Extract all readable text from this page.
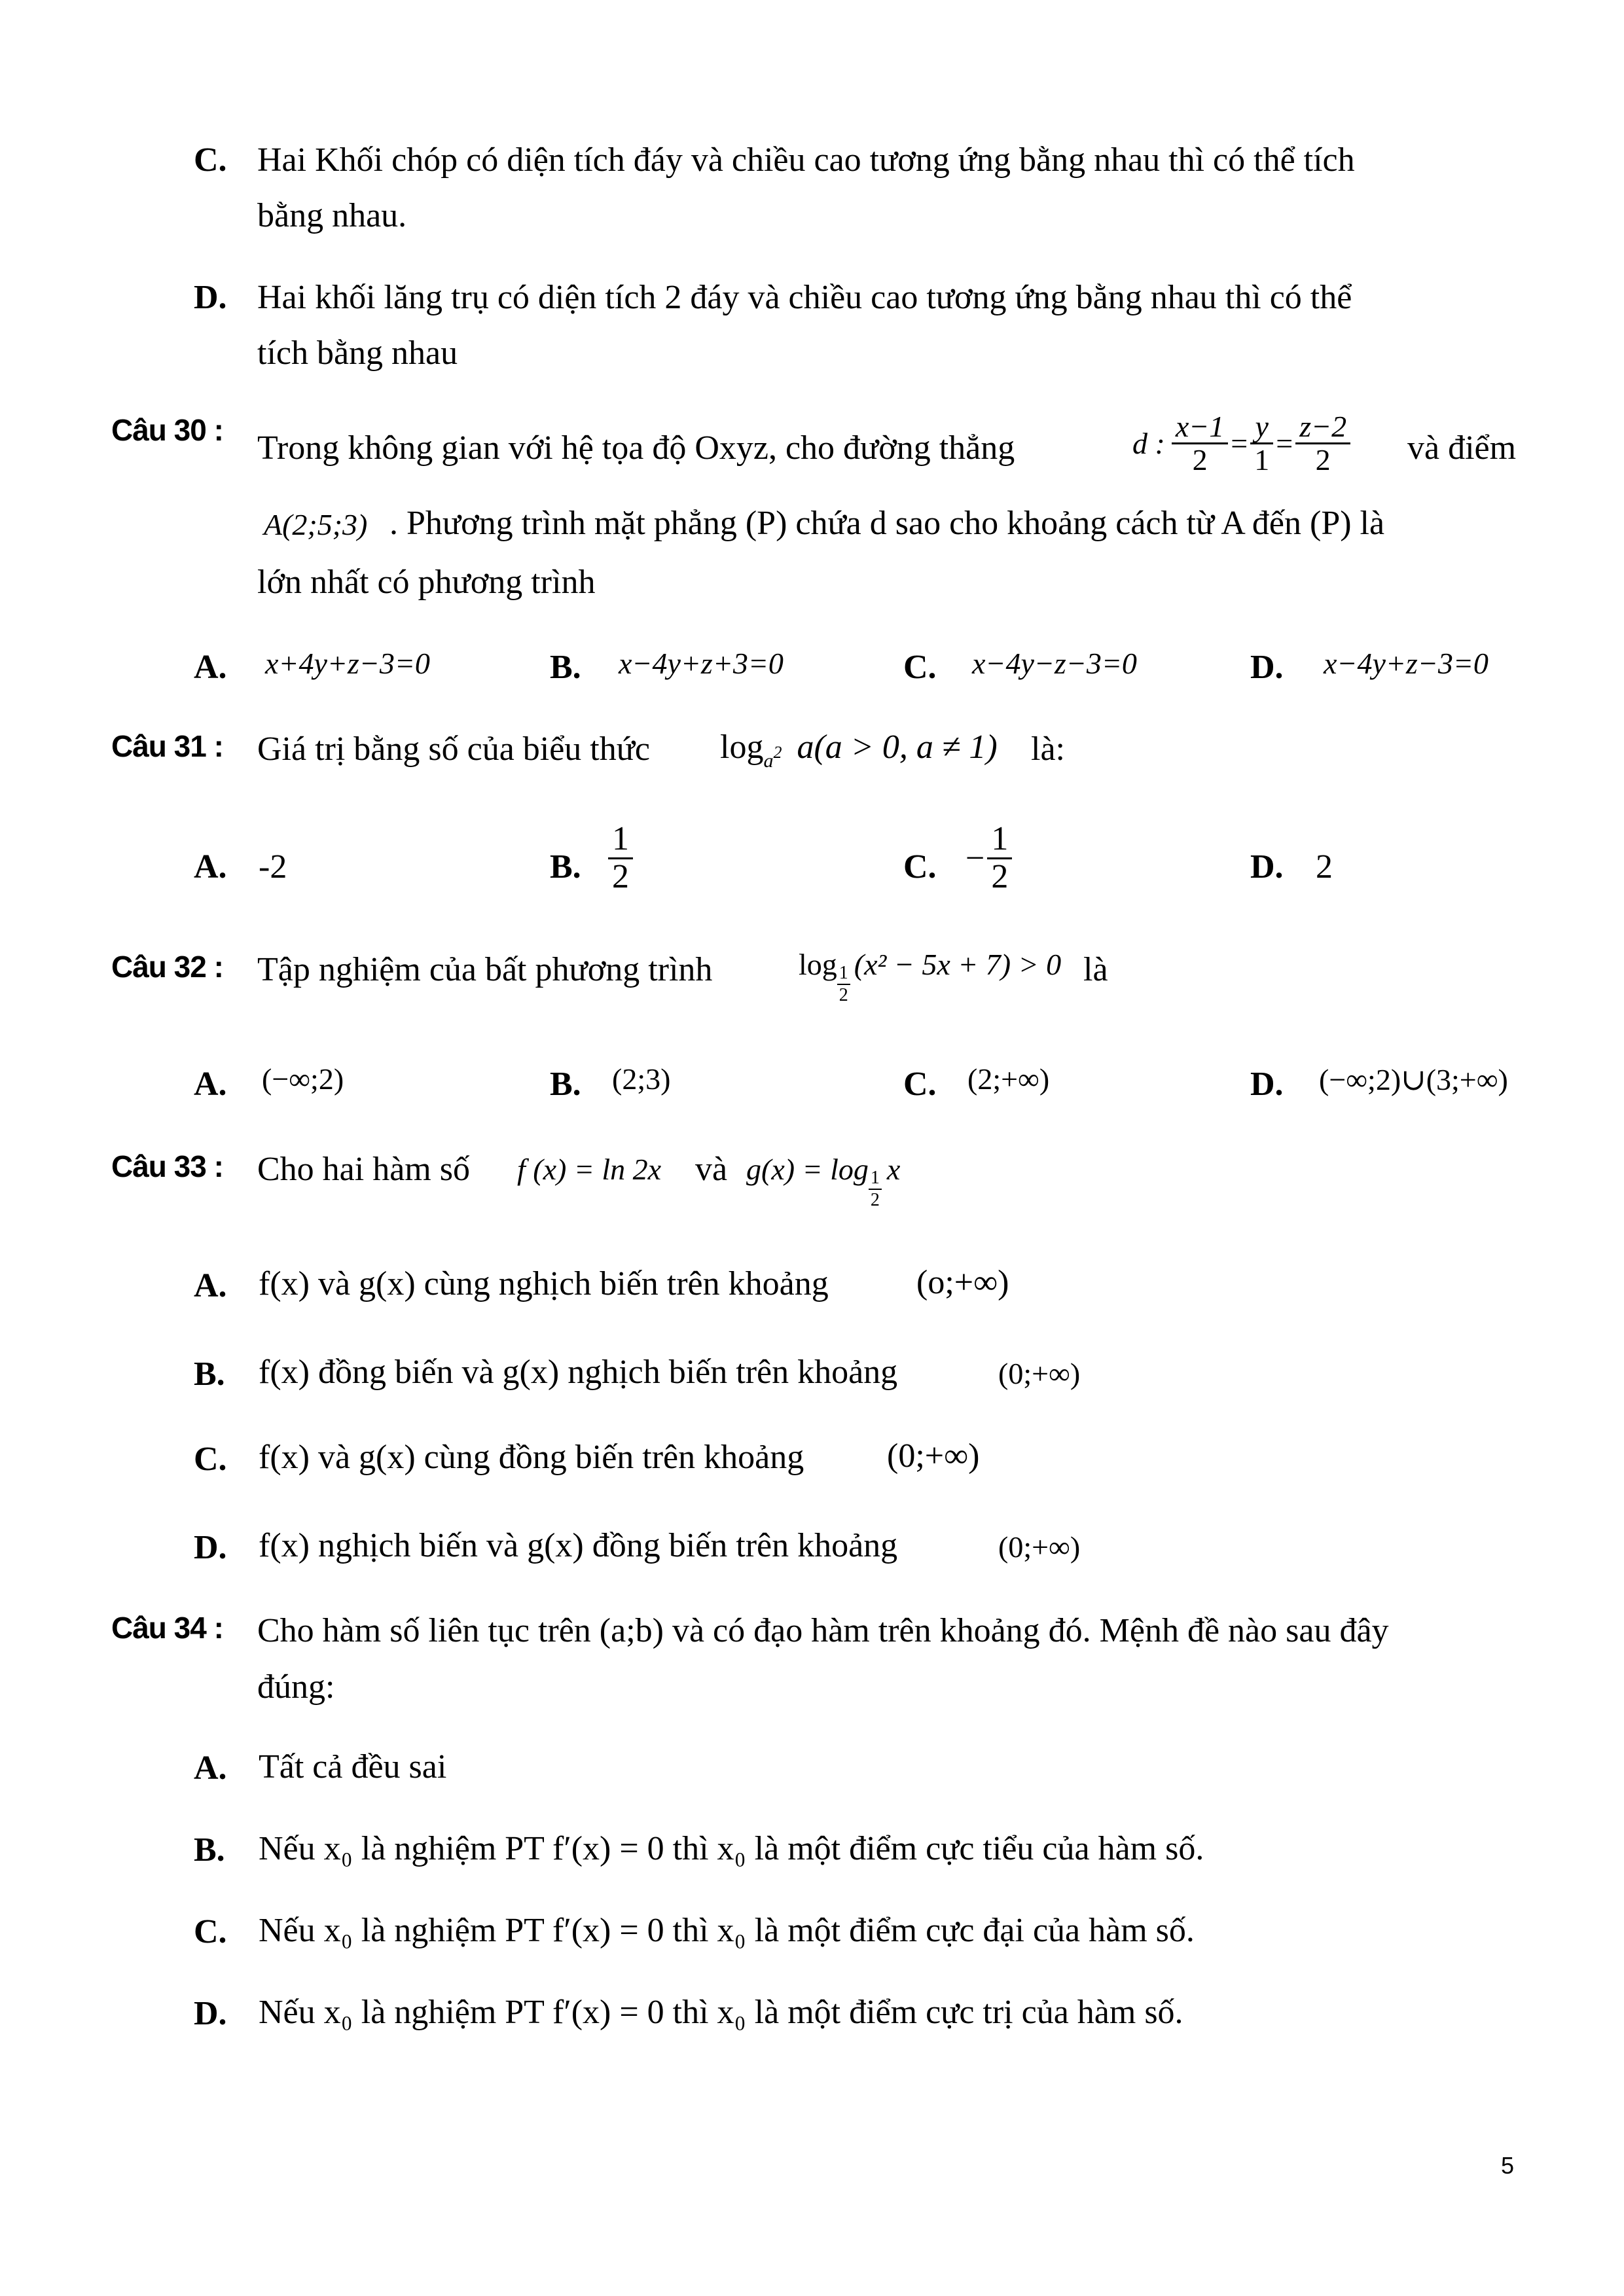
C. Hai Khối chóp có diện tích đáy và chiều cao tương ứng bằng nhau thì có thể tích
bằng nhau.
D. Hai khối lăng trụ có diện tích 2 đáy và chiều cao tương ứng bằng nhau thì có thể
tích bằng nhau
Câu 30 : Trong không gian với hệ tọa độ Oxyz, cho đường thẳng	d : $\frac{x-1}{2} = \frac{y}{1} = \frac{z-2}{2}$ và điểm
A(2;5;3) . Phương trình mặt phẳng (P) chứa d sao cho khoảng cách từ A đến (P) là
lớn nhất có phương trình
A. x+4y+z−3=0	B. x−4y+z+3=0	C. x−4y−z−3=0	D. x−4y+z−3=0
Câu 31 : Giá trị bằng số của biểu thức $\log_{a2} a(a > 0$, a ≠ 1) là:
A. -2	B. $\frac{1}{2}$	C. − $\frac{1}{2}$	D. 2
Câu 32 : Tập nghiệm của bất phương trình	log 1
2
(x² − 5x + 7) > 0 là
A. (−∞;2)	B. (2;3)	C. (2;+∞)	D. (−∞;2)∪(3;+∞)
Câu 33 : Cho hai hàm số f (x) = ln 2x và g(x) = log 1
2
x
A. f(x) và g(x) cùng nghịch biến trên khoảng	(o;+∞)
B. f(x) đồng biến và g(x) nghịch biến trên khoảng	(0;+∞)
C. f(x) và g(x) cùng đồng biến trên khoảng (0;+∞)
D. f(x) nghịch biến và g(x) đồng biến trên khoảng	(0;+∞)
Câu 34 : Cho hàm số liên tục trên (a;b) và có đạo hàm trên khoảng đó. Mệnh đề nào sau đây
đúng:
A. Tất cả đều sai
B. Nếu x₀ là nghiệm PT f′(x) = 0 thì x₀ là một điểm cực tiểu của hàm số.
C. Nếu x₀ là nghiệm PT f′(x) = 0 thì x₀ là một điểm cực đại của hàm số.
D. Nếu x₀ là nghiệm PT f′(x) = 0 thì x₀ là một điểm cực trị của hàm số.
5
